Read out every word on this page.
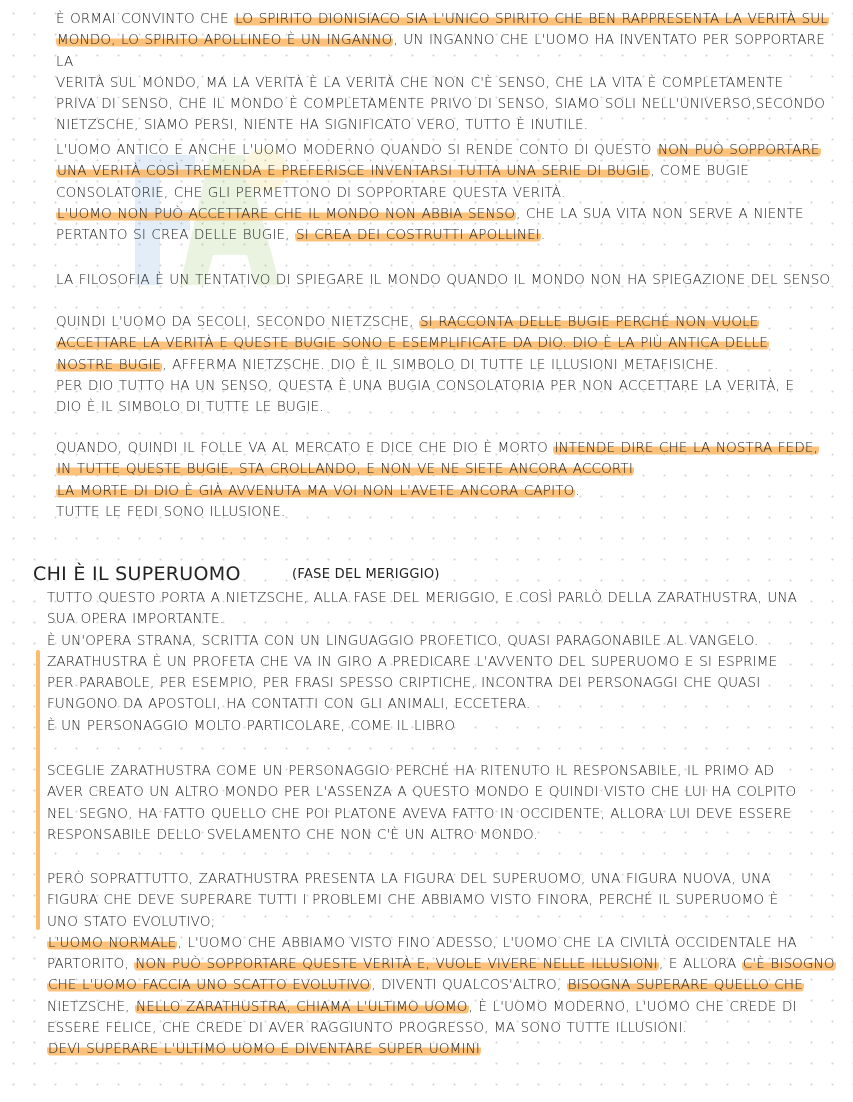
È ORMAI CONVINTO CHE LO SPIRITO DIONISIACO SIA L'UNICO SPIRITO CHE BEN RAPPRESENTA LA VERITÀ SUL
MONDO, LO SPIRITO APOLLINEO È UN INGANNO, UN INGANNO CHE L'UOMO HA INVENTATO PER SOPPORTARE LA
VERITÀ SUL MONDO, MA LA VERITÀ È LA VERITÀ CHE NON C'È SENSO, CHE LA VITA È COMPLETAMENTE
PRIVA DI SENSO, CHE IL MONDO È COMPLETAMENTE PRIVO DI SENSO, SIAMO SOLI NELL'UNIVERSO,SECONDO
NIETZSCHE, SIAMO PERSI, NIENTE HA SIGNIFICATO VERO, TUTTO È INUTILE.
L'UOMO ANTICO E ANCHE L'UOMO MODERNO QUANDO SI RENDE CONTO DI QUESTO NON PUÒ SOPPORTARE
UNA VERITÀ COSÌ TREMENDA E PREFERISCE INVENTARSI TUTTA UNA SERIE DI BUGIE, COME BUGIE
CONSOLATORIE, CHE GLI PERMETTONO DI SOPPORTARE QUESTA VERITÀ.
L'UOMO NON PUÒ ACCETTARE CHE IL MONDO NON ABBIA SENSO, CHE LA SUA VITA NON SERVE A NIENTE
PERTANTO SI CREA DELLE BUGIE, SI CREA DEI COSTRUTTI APOLLINEI.
LA FILOSOFIA È UN TENTATIVO DI SPIEGARE IL MONDO QUANDO IL MONDO NON HA SPIEGAZIONE DEL SENSO
QUINDI L'UOMO DA SECOLI, SECONDO NIETZSCHE, SI RACCONTA DELLE BUGIE PERCHÉ NON VUOLE
ACCETTARE LA VERITÀ E QUESTE BUGIE SONO E ESEMPLIFICATE DA DIO. DIO È LA PIÙ ANTICA DELLE
NOSTRE BUGIE, AFFERMA NIETZSCHE. DIO È IL SIMBOLO DI TUTTE LE ILLUSIONI METAFISICHE.
PER DIO TUTTO HA UN SENSO, QUESTA È UNA BUGIA CONSOLATORIA PER NON ACCETTARE LA VERITÀ, E
DIO È IL SIMBOLO DI TUTTE LE BUGIE.
QUANDO, QUINDI IL FOLLE VA AL MERCATO E DICE CHE DIO È MORTO INTENDE DIRE CHE LA NOSTRA FEDE,
IN TUTTE QUESTE BUGIE, STA CROLLANDO, E NON VE NE SIETE ANCORA ACCORTI
LA MORTE DI DIO È GIÀ AVVENUTA MA VOI NON L'AVETE ANCORA CAPITO.
TUTTE LE FEDI SONO ILLUSIONE.
CHI È IL SUPERUOMO	(FASE DEL MERIGGIO)
TUTTO QUESTO PORTA A NIETZSCHE, ALLA FASE DEL MERIGGIO, E COSÌ PARLÒ DELLA ZARATHUSTRA, UNA
SUA OPERA IMPORTANTE.
È UN'OPERA STRANA, SCRITTA CON UN LINGUAGGIO PROFETICO, QUASI PARAGONABILE AL VANGELO.
ZARATHUSTRA È UN PROFETA CHE VA IN GIRO A PREDICARE L'AVVENTO DEL SUPERUOMO E SI ESPRIME
PER PARABOLE, PER ESEMPIO, PER FRASI SPESSO CRIPTICHE, INCONTRA DEI PERSONAGGI CHE QUASI
FUNGONO DA APOSTOLI, HA CONTATTI CON GLI ANIMALI, ECCETERA.
È UN PERSONAGGIO MOLTO PARTICOLARE, COME IL LIBRO
SCEGLIE ZARATHUSTRA COME UN PERSONAGGIO PERCHÉ HA RITENUTO IL RESPONSABILE, IL PRIMO AD
AVER CREATO UN ALTRO MONDO PER L'ASSENZA A QUESTO MONDO E QUINDI VISTO CHE LUI HA COLPITO
NEL SEGNO, HA FATTO QUELLO CHE POI PLATONE AVEVA FATTO IN OCCIDENTE, ALLORA LUI DEVE ESSERE
RESPONSABILE DELLO SVELAMENTO CHE NON C'È UN ALTRO MONDO.
PERÒ SOPRATTUTTO, ZARATHUSTRA PRESENTA LA FIGURA DEL SUPERUOMO, UNA FIGURA NUOVA, UNA
FIGURA CHE DEVE SUPERARE TUTTI I PROBLEMI CHE ABBIAMO VISTO FINORA, PERCHÉ IL SUPERUOMO È
UNO STATO EVOLUTIVO;
L'UOMO NORMALE, L'UOMO CHE ABBIAMO VISTO FINO ADESSO, L'UOMO CHE LA CIVILTÀ OCCIDENTALE HA
PARTORITO, NON PUÒ SOPPORTARE QUESTE VERITÀ E, VUOLE VIVERE NELLE ILLUSIONI, E ALLORA C'È BISOGNO
CHE L'UOMO FACCIA UNO SCATTO EVOLUTIVO, DIVENTI QUALCOS'ALTRO, BISOGNA SUPERARE QUELLO CHE
NIETZSCHE, NELLO ZARATHUSTRA, CHIAMA L'ULTIMO UOMO, È L'UOMO MODERNO, L'UOMO CHE CREDE DI
ESSERE FELICE, CHE CREDE DI AVER RAGGIUNTO PROGRESSO, MA SONO TUTTE ILLUSIONI.
DEVI SUPERARE L'ULTIMO UOMO E DIVENTARE SUPER UOMINI
